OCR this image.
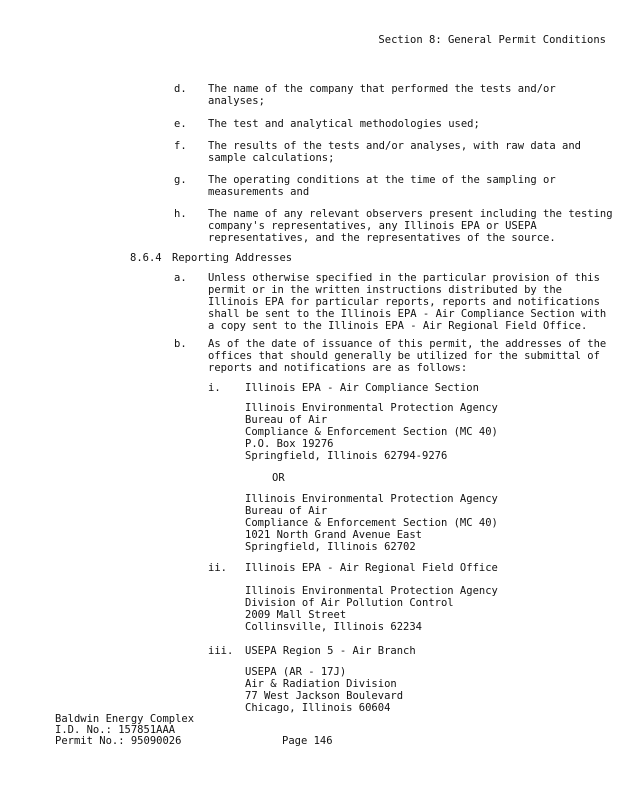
Section 8: General Permit Conditions
d. The name of the company that performed the tests and/or
analyses;
e. The test and analytical methodologies used;
f. The results of the tests and/or analyses, with raw data and
sample calculations;
g. The operating conditions at the time of the sampling or
measurements and
h. The name of any relevant observers present including the testing
company's representatives, any Illinois EPA or USEPA
representatives, and the representatives of the source.
8.6.4 Reporting Addresses
a. Unless otherwise specified in the particular provision of this
permit or in the written instructions distributed by the
Illinois EPA for particular reports, reports and notifications
shall be sent to the Illinois EPA - Air Compliance Section with
a copy sent to the Illinois EPA - Air Regional Field Office.
b. As of the date of issuance of this permit, the addresses of the
offices that should generally be utilized for the submittal of
reports and notifications are as follows:
i. Illinois EPA - Air Compliance Section
Illinois Environmental Protection Agency
Bureau of Air
Compliance & Enforcement Section (MC 40)
P.O. Box 19276
Springfield, Illinois 62794-9276
OR
Illinois Environmental Protection Agency
Bureau of Air
Compliance & Enforcement Section (MC 40)
1021 North Grand Avenue East
Springfield, Illinois 62702
ii. Illinois EPA - Air Regional Field Office
Illinois Environmental Protection Agency
Division of Air Pollution Control
2009 Mall Street
Collinsville, Illinois 62234
iii. USEPA Region 5 - Air Branch
USEPA (AR - 17J)
Air & Radiation Division
77 West Jackson Boulevard
Chicago, Illinois 60604
Baldwin Energy Complex
I.D. No.: 157851AAA
Permit No.: 95090026	Page 146
